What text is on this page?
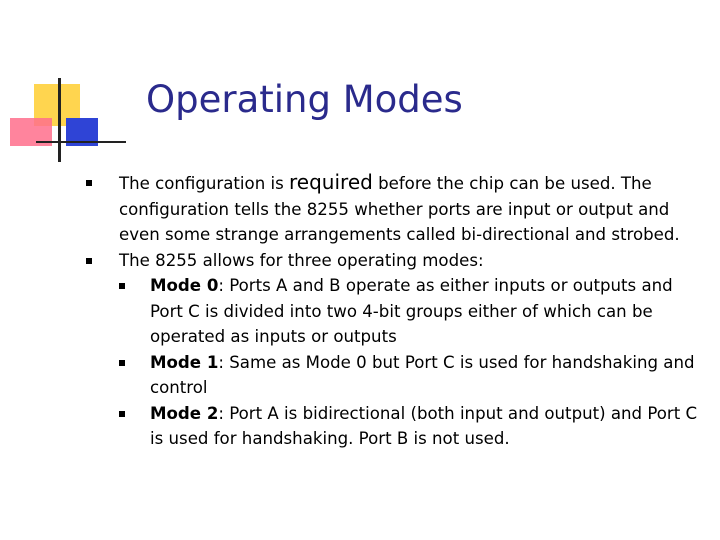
Operating Modes
The configuration is required before the chip can be used. The configuration tells the 8255 whether ports are input or output and even some strange arrangements called bi-directional and strobed.
The 8255 allows for three operating modes:
Mode 0: Ports A and B operate as either inputs or outputs and Port C is divided into two 4-bit groups either of which can be operated as inputs or outputs
Mode 1: Same as Mode 0 but Port C is used for handshaking and control
Mode 2: Port A is bidirectional (both input and output) and Port C is used for handshaking. Port B is not used.
